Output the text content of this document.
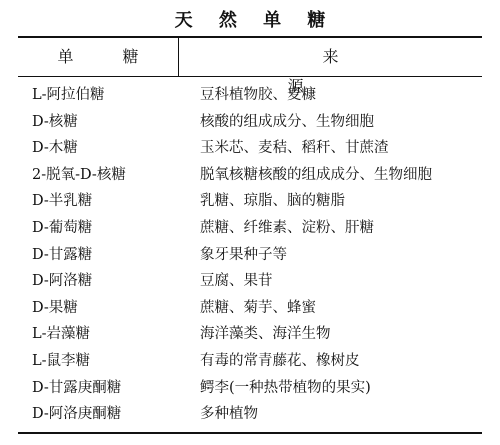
天 然 单 糖
单 糖	来 源
L-阿拉伯糖	豆科植物胶、麦糠
D-核糖	核酸的组成成分、生物细胞
D-木糖	玉米芯、麦秸、稻秆、甘蔗渣
2-脱氧-D-核糖	脱氧核糖核酸的组成成分、生物细胞
D-半乳糖	乳糖、琼脂、脑的糖脂
D-葡萄糖	蔗糖、纤维素、淀粉、肝糖
D-甘露糖	象牙果种子等
D-阿洛糖	豆腐、果苷
D-果糖	蔗糖、菊芋、蜂蜜
L-岩藻糖	海洋藻类、海洋生物
L-鼠李糖	有毒的常青藤花、橡树皮
D-甘露庚酮糖	鳄李(一种热带植物的果实)
D-阿洛庚酮糖	多种植物
